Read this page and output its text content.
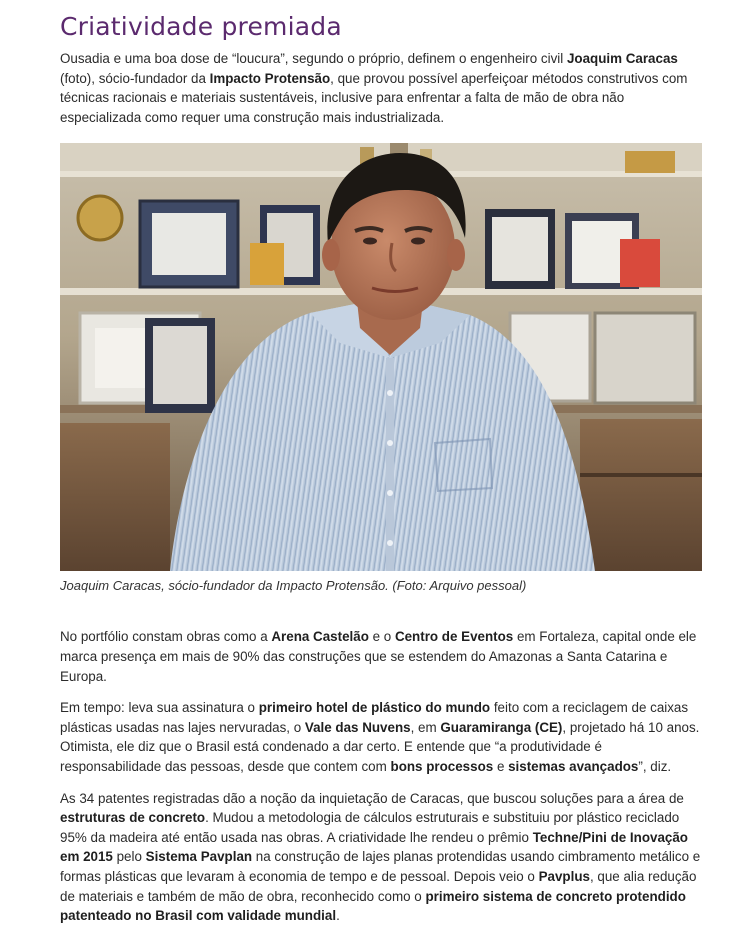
Criatividade premiada

Ousadia e uma boa dose de “loucura”, segundo o próprio, definem o engenheiro civil Joaquim Caracas (foto), sócio-fundador da Impacto Protensão, que provou possível aperfeiçoar métodos construtivos com técnicas racionais e materiais sustentáveis, inclusive para enfrentar a falta de mão de obra não especializada como requer uma construção mais industrializada.

Joaquim Caracas, sócio-fundador da Impacto Protensão. (Foto: Arquivo pessoal)

No portfólio constam obras como a Arena Castelão e o Centro de Eventos em Fortaleza, capital onde ele marca presença em mais de 90% das construções que se estendem do Amazonas a Santa Catarina e Europa.

Em tempo: leva sua assinatura o primeiro hotel de plástico do mundo feito com a reciclagem de caixas plásticas usadas nas lajes nervuradas, o Vale das Nuvens, em Guaramiranga (CE), projetado há 10 anos. Otimista, ele diz que o Brasil está condenado a dar certo. E entende que “a produtividade é responsabilidade das pessoas, desde que contem com bons processos e sistemas avançados”, diz.

As 34 patentes registradas dão a noção da inquietação de Caracas, que buscou soluções para a área de estruturas de concreto. Mudou a metodologia de cálculos estruturais e substituiu por plástico reciclado 95% da madeira até então usada nas obras. A criatividade lhe rendeu o prêmio Techne/Pini de Inovação em 2015 pelo Sistema Pavplan na construção de lajes planas protendidas usando cimbramento metálico e formas plásticas que levaram à economia de tempo e de pessoal. Depois veio o Pavplus, que alia redução de materiais e também de mão de obra, reconhecido como o primeiro sistema de concreto protendido patenteado no Brasil com validade mundial.
